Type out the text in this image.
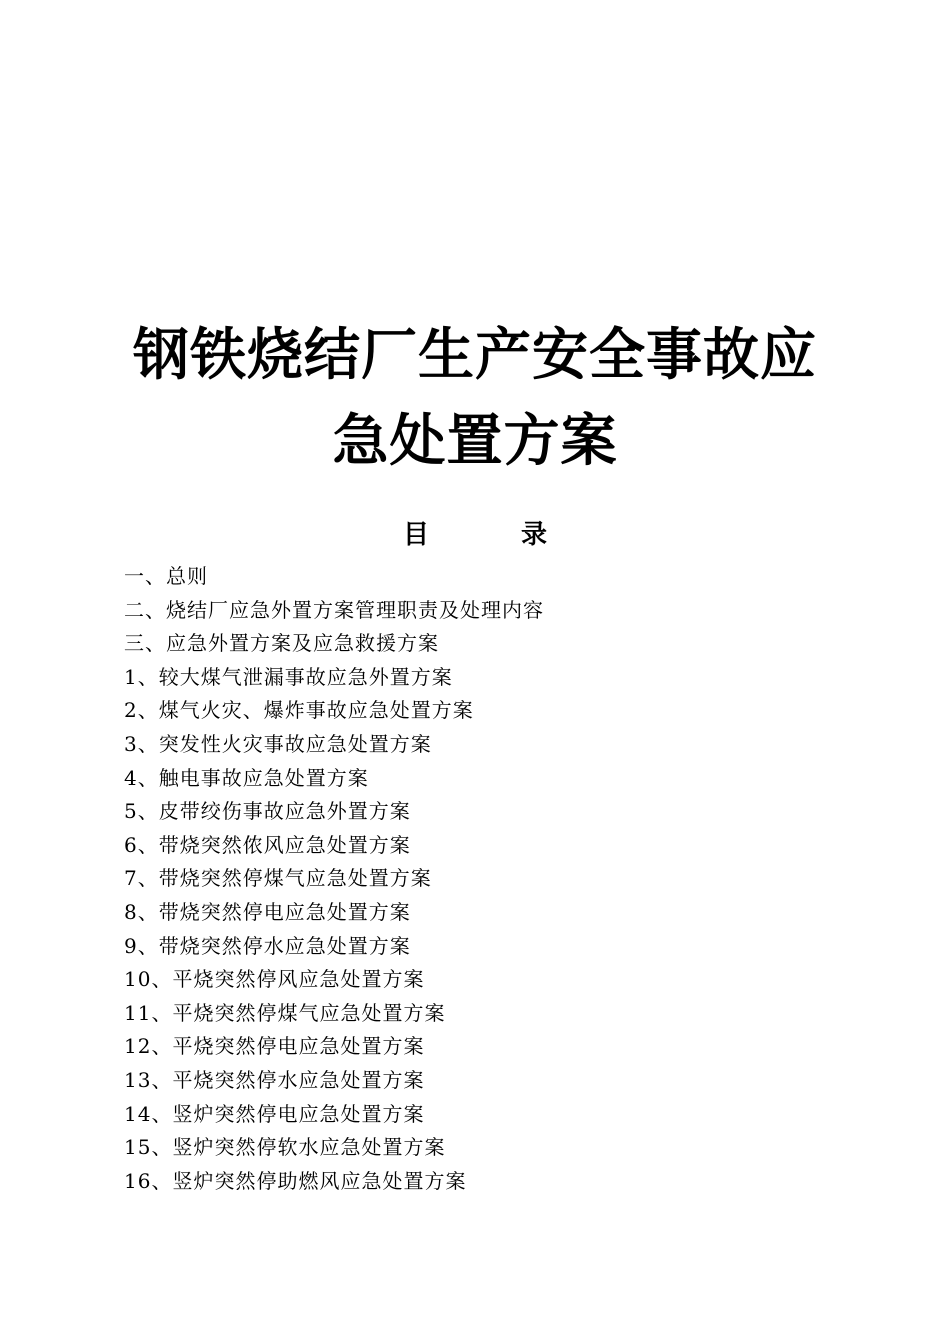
钢铁烧结厂生产安全事故应
急处置方案
目	录
一、总则
二、烧结厂应急外置方案管理职责及处理内容
三、应急外置方案及应急救援方案
1、较大煤气泄漏事故应急外置方案
2、煤气火灾、爆炸事故应急处置方案
3、突发性火灾事故应急处置方案
4、触电事故应急处置方案
5、皮带绞伤事故应急外置方案
6、带烧突然侬风应急处置方案
7、带烧突然停煤气应急处置方案
8、带烧突然停电应急处置方案
9、带烧突然停水应急处置方案
10、平烧突然停风应急处置方案
11、平烧突然停煤气应急处置方案
12、平烧突然停电应急处置方案
13、平烧突然停水应急处置方案
14、竖炉突然停电应急处置方案
15、竖炉突然停软水应急处置方案
16、竖炉突然停助燃风应急处置方案
